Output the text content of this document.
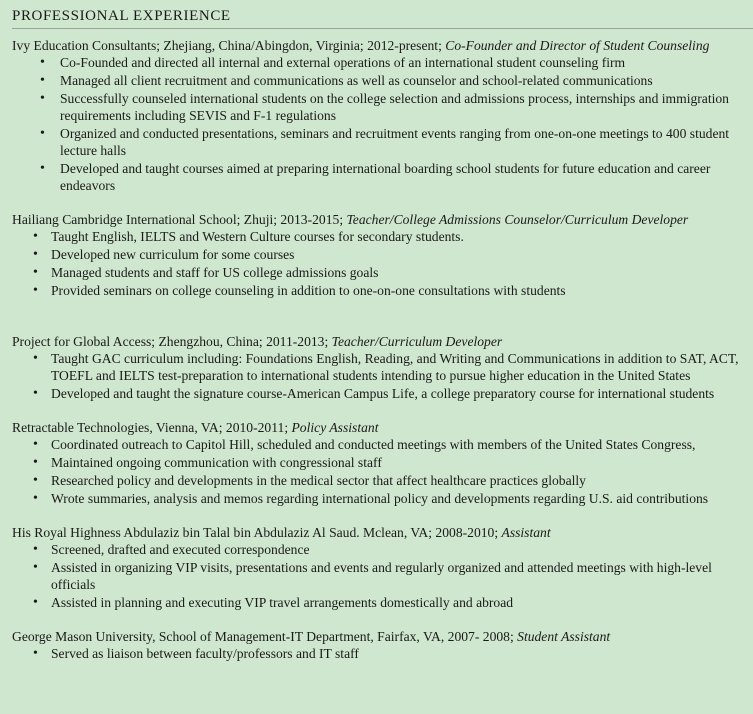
PROFESSIONAL EXPERIENCE
Ivy Education Consultants; Zhejiang, China/Abingdon, Virginia; 2012-present; Co-Founder and Director of Student Counseling
• Co-Founded and directed all internal and external operations of an international student counseling firm
• Managed all client recruitment and communications as well as counselor and school-related communications
• Successfully counseled international students on the college selection and admissions process, internships and immigration requirements including SEVIS and F-1 regulations
• Organized and conducted presentations, seminars and recruitment events ranging from one-on-one meetings to 400 student lecture halls
• Developed and taught courses aimed at preparing international boarding school students for future education and career endeavors
Hailiang Cambridge International School; Zhuji; 2013-2015; Teacher/College Admissions Counselor/Curriculum Developer
• Taught English, IELTS and Western Culture courses for secondary students.
• Developed new curriculum for some courses
• Managed students and staff for US college admissions goals
• Provided seminars on college counseling in addition to one-on-one consultations with students
Project for Global Access; Zhengzhou, China; 2011-2013; Teacher/Curriculum Developer
• Taught GAC curriculum including: Foundations English, Reading, and Writing and Communications in addition to SAT, ACT, TOEFL and IELTS test-preparation to international students intending to pursue higher education in the United States
• Developed and taught the signature course-American Campus Life, a college preparatory course for international students
Retractable Technologies, Vienna, VA; 2010-2011; Policy Assistant
• Coordinated outreach to Capitol Hill, scheduled and conducted meetings with members of the United States Congress,
• Maintained ongoing communication with congressional staff
• Researched policy and developments in the medical sector that affect healthcare practices globally
• Wrote summaries, analysis and memos regarding international policy and developments regarding U.S. aid contributions
His Royal Highness Abdulaziz bin Talal bin Abdulaziz Al Saud. Mclean, VA; 2008-2010; Assistant
• Screened, drafted and executed correspondence
• Assisted in organizing VIP visits, presentations and events and regularly organized and attended meetings with high-level officials
• Assisted in planning and executing VIP travel arrangements domestically and abroad
George Mason University, School of Management-IT Department, Fairfax, VA, 2007- 2008; Student Assistant
• Served as liaison between faculty/professors and IT staff
